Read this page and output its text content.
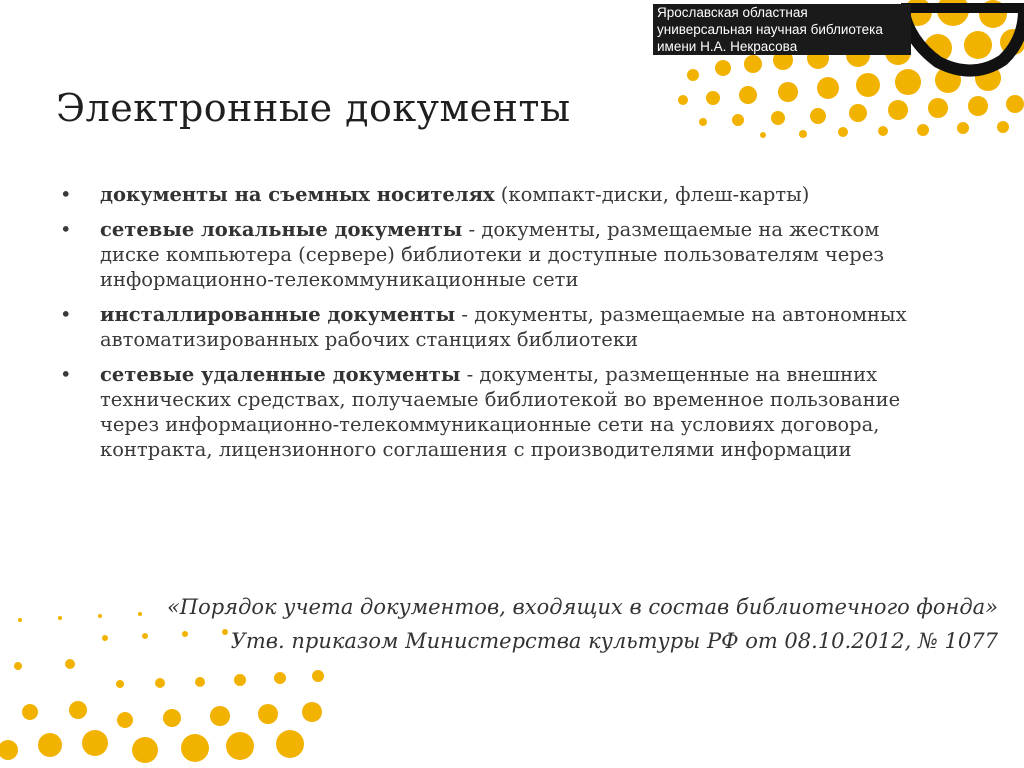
Ярославская областная
универсальная научная библиотека
имени Н.А. Некрасова
Электронные документы
• документы на съемных носителях (компакт-диски, флеш-карты)
• сетевые локальные документы - документы, размещаемые на жестком диске компьютера (сервере) библиотеки и доступные пользователям через информационно-телекоммуникационные сети
• инсталлированные документы - документы, размещаемые на автономных автоматизированных рабочих станциях библиотеки
• сетевые удаленные документы - документы, размещенные на внешних технических средствах, получаемые библиотекой во временное пользование через информационно-телекоммуникационные сети на условиях договора, контракта, лицензионного соглашения с производителями информации
«Порядок учета документов, входящих в состав библиотечного фонда»
Утв. приказом Министерства культуры РФ от 08.10.2012, № 1077
